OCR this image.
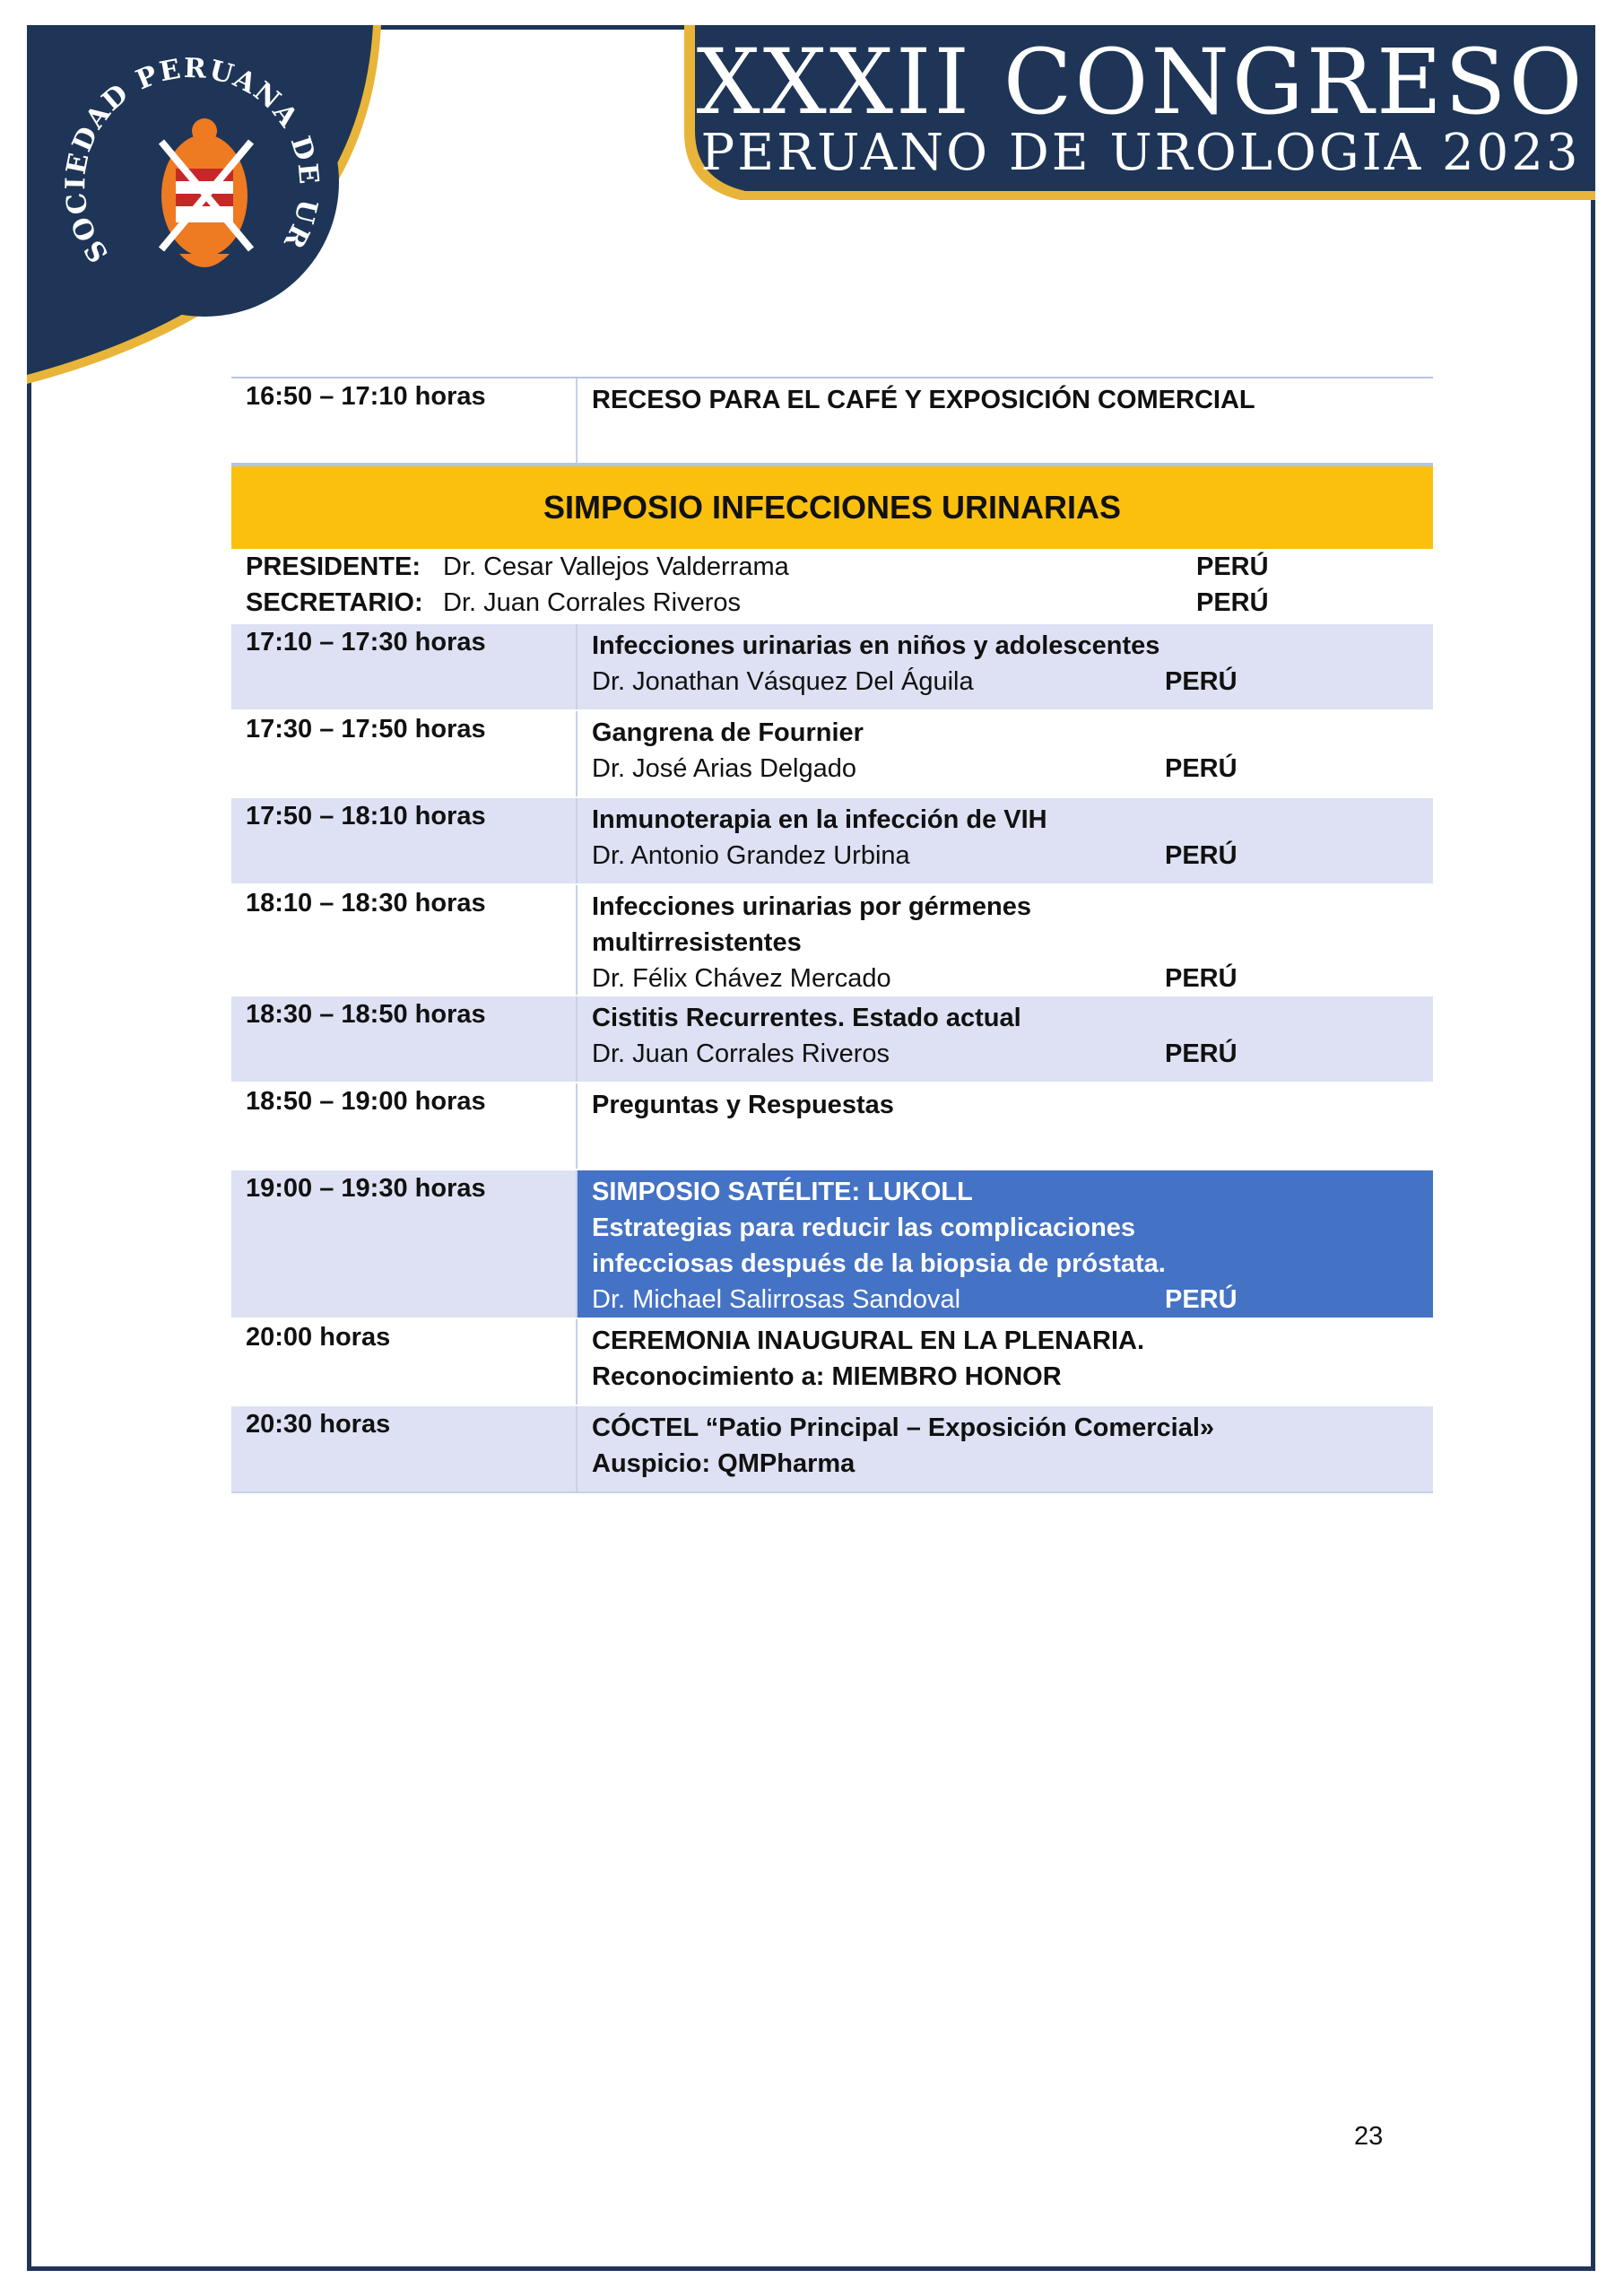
SOCIEDAD PERUANA DE UR
XXXII CONGRESO
PERUANO DE UROLOGIA 2023
16:50 – 17:10 horas	RECESO PARA EL CAFÉ Y EXPOSICIÓN COMERCIAL
SIMPOSIO INFECCIONES URINARIAS
PRESIDENTE: Dr. Cesar Vallejos Valderrama	PERÚ
SECRETARIO: Dr. Juan Corrales Riveros	PERÚ
17:10 – 17:30 horas	Infecciones urinarias en niños y adolescentes
Dr. Jonathan Vásquez Del Águila	PERÚ
17:30 – 17:50 horas	Gangrena de Fournier
Dr. José Arias Delgado	PERÚ
17:50 – 18:10 horas	Inmunoterapia en la infección de VIH
Dr. Antonio Grandez Urbina	PERÚ
18:10 – 18:30 horas	Infecciones urinarias por gérmenes
multirresistentes
Dr. Félix Chávez Mercado	PERÚ
18:30 – 18:50 horas	Cistitis Recurrentes. Estado actual
Dr. Juan Corrales Riveros	PERÚ
18:50 – 19:00 horas	Preguntas y Respuestas
19:00 – 19:30 horas	SIMPOSIO SATÉLITE: LUKOLL
Estrategias para reducir las complicaciones
infecciosas después de la biopsia de próstata.
Dr. Michael Salirrosas Sandoval	PERÚ
20:00 horas	CEREMONIA INAUGURAL EN LA PLENARIA.
Reconocimiento a: MIEMBRO HONOR
20:30 horas	CÓCTEL “Patio Principal – Exposición Comercial»
Auspicio: QMPharma
23
